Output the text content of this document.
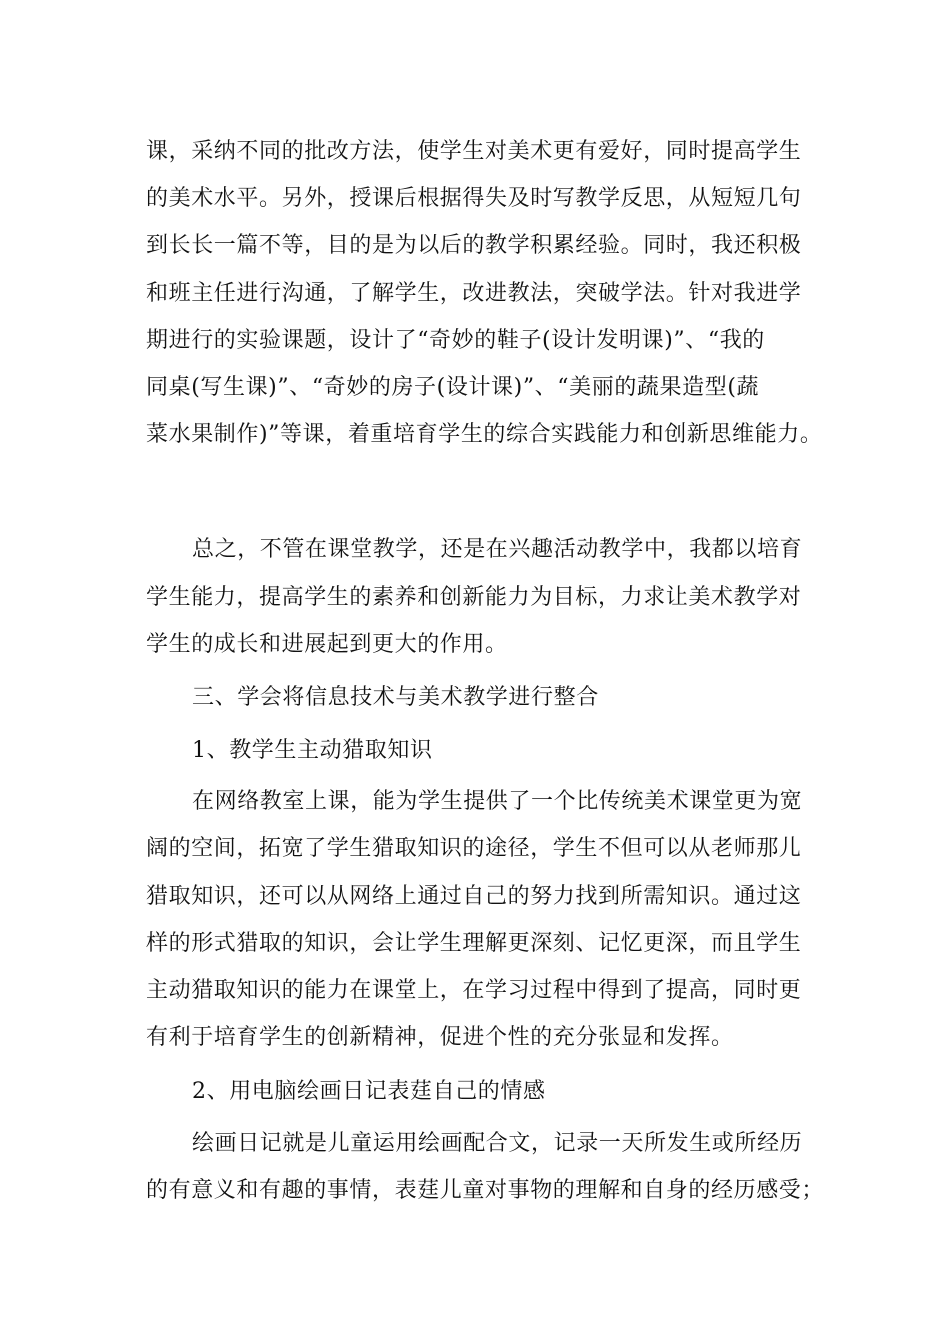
课，采纳不同的批改方法，使学生对美术更有爱好，同时提高学生
的美术水平。另外，授课后根据得失及时写教学反思，从短短几句
到长长一篇不等，目的是为以后的教学积累经验。同时，我还积极
和班主任进行沟通，了解学生，改进教法，突破学法。针对我进学
期进行的实验课题，设计了“奇妙的鞋子(设计发明课)”、“我的
同桌(写生课)”、“奇妙的房子(设计课)”、“美丽的蔬果造型(蔬
菜水果制作)”等课，着重培育学生的综合实践能力和创新思维能力。
总之，不管在课堂教学，还是在兴趣活动教学中，我都以培育
学生能力，提高学生的素养和创新能力为目标，力求让美术教学对
学生的成长和进展起到更大的作用。
三、学会将信息技术与美术教学进行整合
1、教学生主动猎取知识
在网络教室上课，能为学生提供了一个比传统美术课堂更为宽
阔的空间，拓宽了学生猎取知识的途径，学生不但可以从老师那儿
猎取知识，还可以从网络上通过自己的努力找到所需知识。通过这
样的形式猎取的知识，会让学生理解更深刻、记忆更深，而且学生
主动猎取知识的能力在课堂上，在学习过程中得到了提高，同时更
有利于培育学生的创新精神，促进个性的充分张显和发挥。
2、用电脑绘画日记表莛自己的情感
绘画日记就是儿童运用绘画配合文，记录一天所发生或所经历
的有意义和有趣的事情，表莛儿童对事物的理解和自身的经历感受；
